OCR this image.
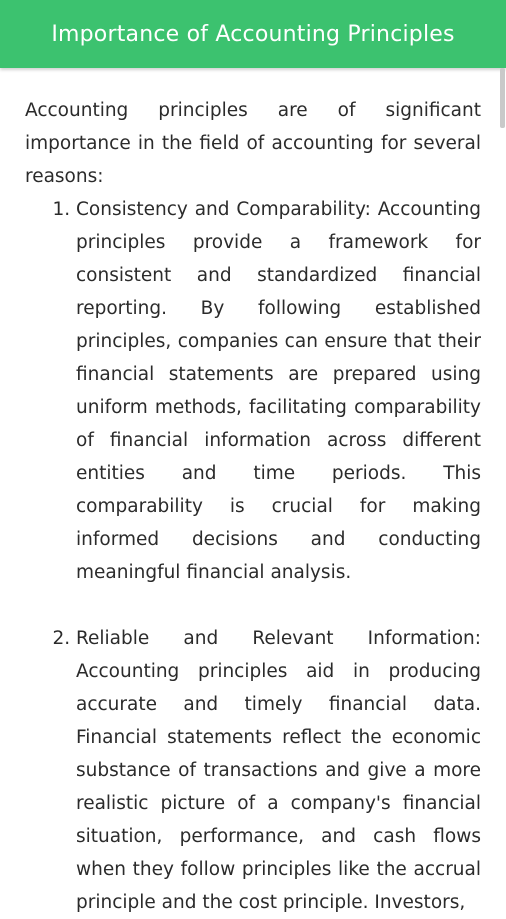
Importance of Accounting Principles

Accounting principles are of significant importance in the field of accounting for several reasons:

1. Consistency and Comparability: Accounting principles provide a framework for consistent and standardized financial reporting. By following established principles, companies can ensure that their financial statements are prepared using uniform methods, facilitating comparability of financial information across different entities and time periods. This comparability is crucial for making informed decisions and conducting meaningful financial analysis.
2. Reliable and Relevant Information: Accounting principles aid in producing accurate and timely financial data. Financial statements reflect the economic substance of transactions and give a more realistic picture of a company's financial situation, performance, and cash flows when they follow principles like the accrual principle and the cost principle. Investors,
